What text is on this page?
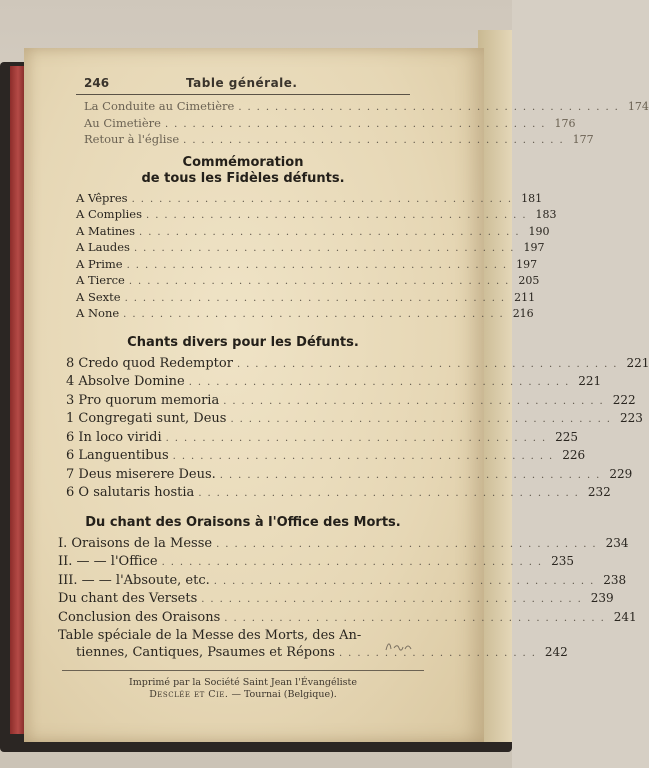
246	Table générale.
La Conduite au Cimetière .......................................... 174
Au Cimetière .......................................... 176
Retour à l'église .......................................... 177
Commémoration
de tous les Fidèles défunts.
A Vêpres .......................................... 181
A Complies .......................................... 183
A Matines .......................................... 190
A Laudes .......................................... 197
A Prime .......................................... 197
A Tierce .......................................... 205
A Sexte .......................................... 211
A None .......................................... 216
Chants divers pour les Défunts.
8 Credo quod Redemptor .......................................... 221
4 Absolve Domine .......................................... 221
3 Pro quorum memoria .......................................... 222
1 Congregati sunt, Deus .......................................... 223
6 In loco viridi .......................................... 225
6 Languentibus .......................................... 226
7 Deus miserere Deus. .......................................... 229
6 O salutaris hostia .......................................... 232
Du chant des Oraisons à l'Office des Morts.
I. Oraisons de la Messe .......................................... 234
II. — — l'Office .......................................... 235
III. — — l'Absoute, etc. .......................................... 238
Du chant des Versets .......................................... 239
Conclusion des Oraisons .......................................... 241
Table spéciale de la Messe des Morts, des An-
tiennes, Cantiques, Psaumes et Répons ...................... 242
Imprimé par la Société Saint Jean l'Évangéliste
Desclée et Cie. — Tournai (Belgique).
